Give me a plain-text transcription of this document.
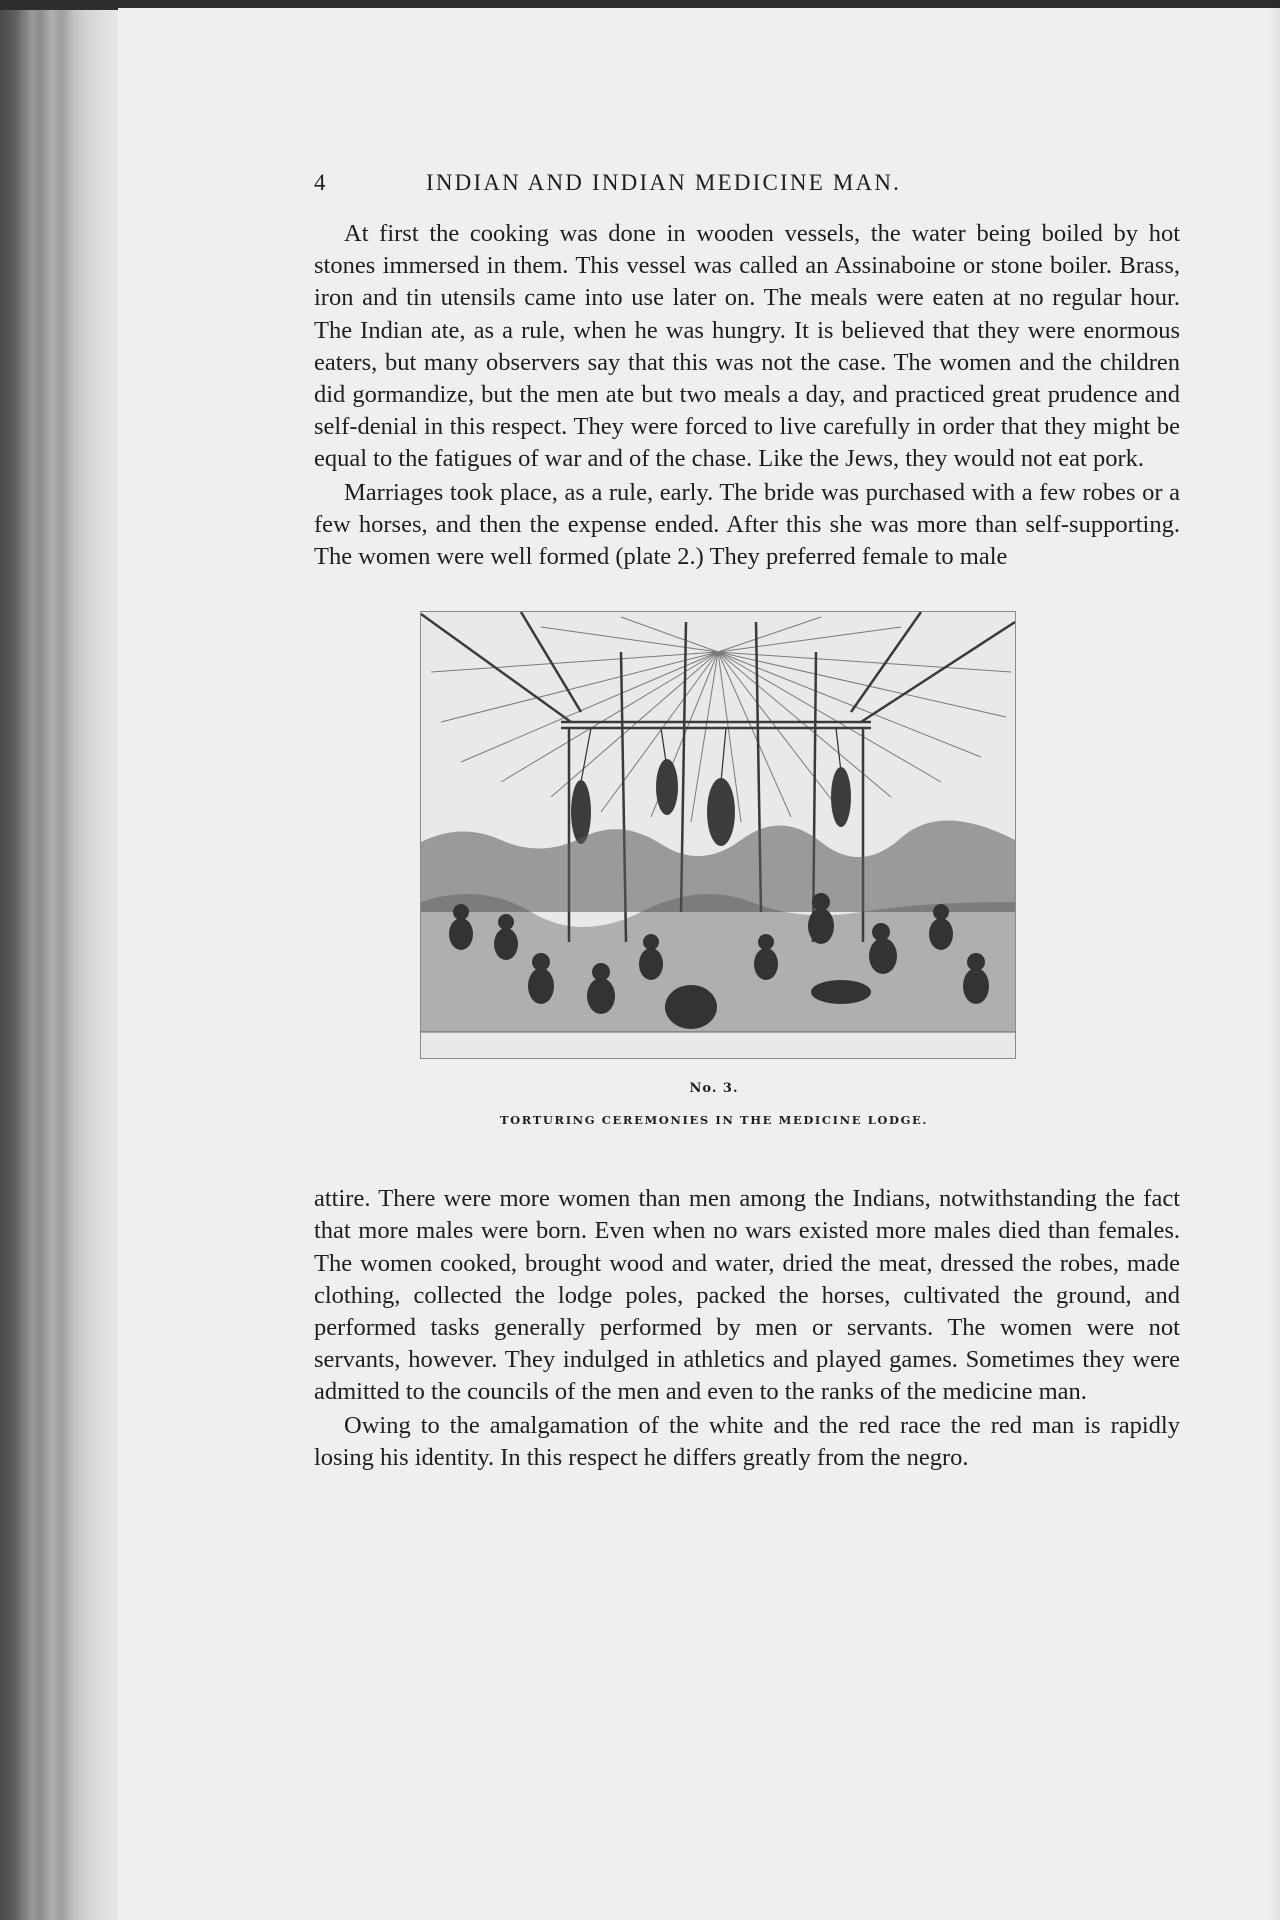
4	INDIAN AND INDIAN MEDICINE MAN.

At first the cooking was done in wooden vessels, the water being boiled by hot stones immersed in them. This vessel was called an Assinaboine or stone boiler. Brass, iron and tin utensils came into use later on. The meals were eaten at no regular hour. The Indian ate, as a rule, when he was hungry. It is believed that they were enormous eaters, but many observers say that this was not the case. The women and the children did gormandize, but the men ate but two meals a day, and practiced great prudence and self-denial in this respect. They were forced to live carefully in order that they might be equal to the fatigues of war and of the chase. Like the Jews, they would not eat pork.

Marriages took place, as a rule, early. The bride was purchased with a few robes or a few horses, and then the expense ended. After this she was more than self-supporting. The women were well formed (plate 2.) They preferred female to male

No. 3.
TORTURING CEREMONIES IN THE MEDICINE LODGE.

attire. There were more women than men among the Indians, notwithstanding the fact that more males were born. Even when no wars existed more males died than females. The women cooked, brought wood and water, dried the meat, dressed the robes, made clothing, collected the lodge poles, packed the horses, cultivated the ground, and performed tasks generally performed by men or servants. The women were not servants, however. They indulged in athletics and played games. Sometimes they were admitted to the councils of the men and even to the ranks of the medicine man.

Owing to the amalgamation of the white and the red race the red man is rapidly losing his identity. In this respect he differs greatly from the negro.
